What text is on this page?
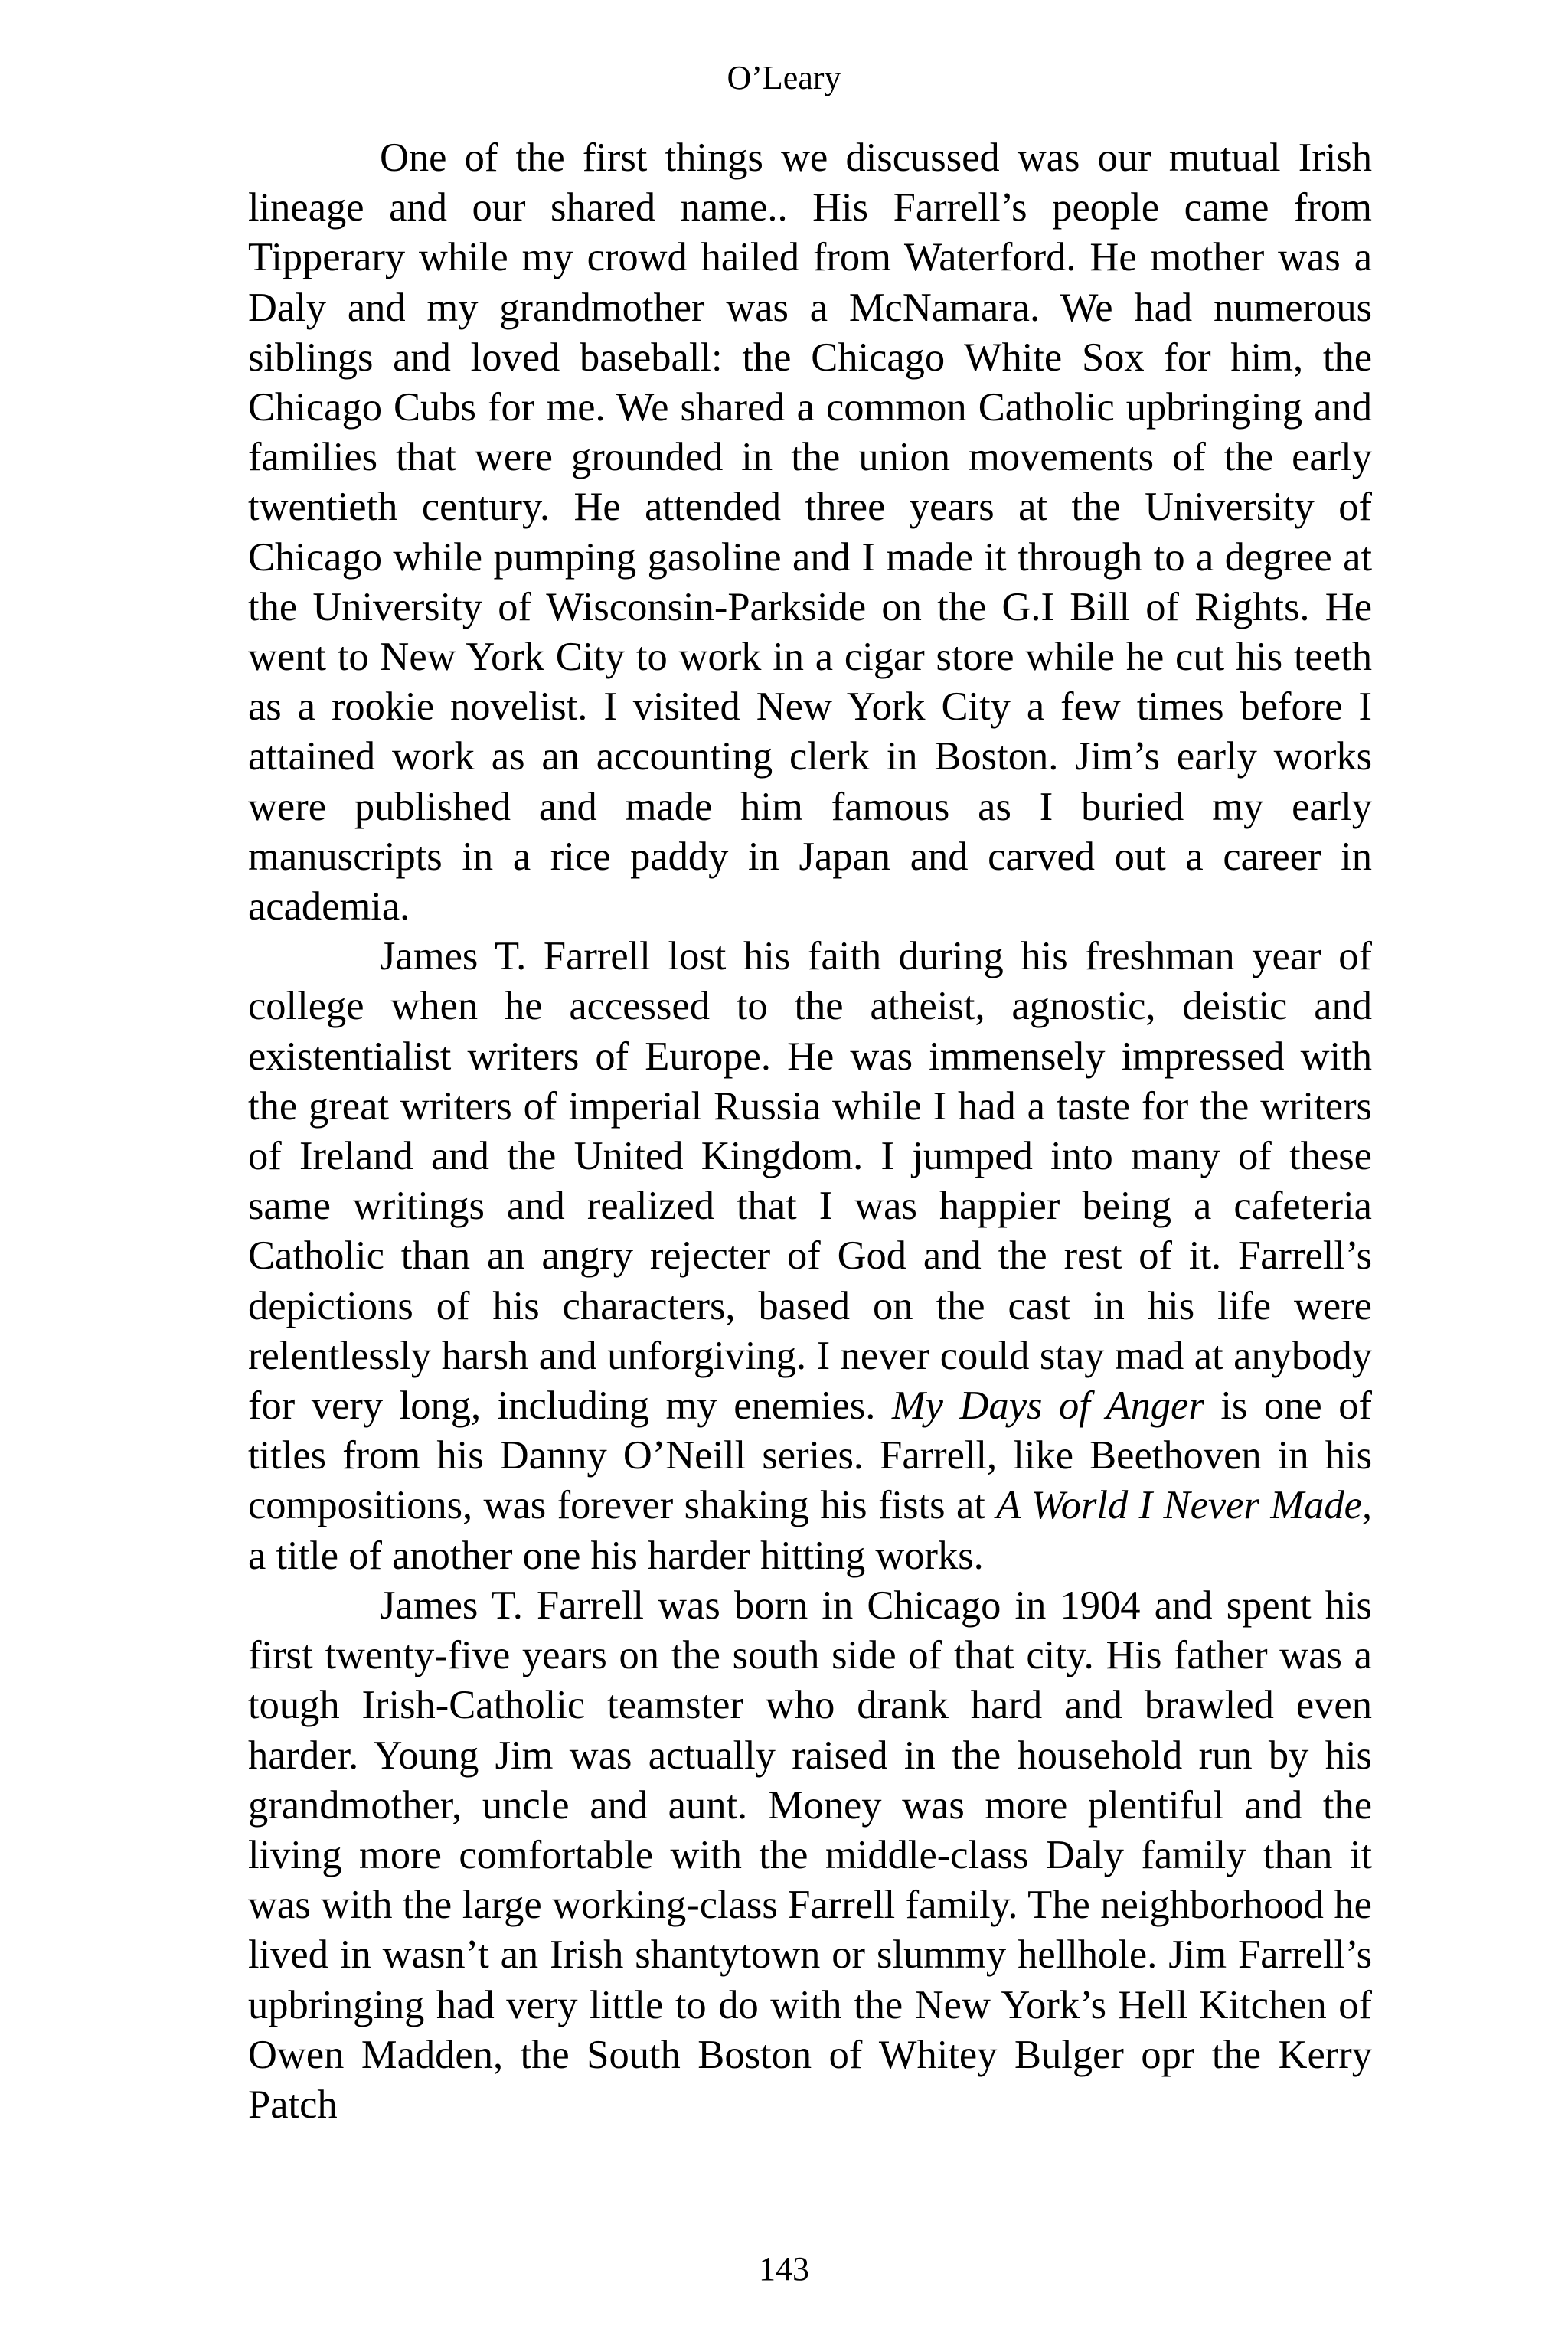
O’Leary

One of the first things we discussed was our mutual Irish lineage and our shared name.. His Farrell’s people came from Tipperary while my crowd hailed from Waterford. He mother was a Daly and my grandmother was a McNamara. We had numerous siblings and loved baseball: the Chicago White Sox for him, the Chicago Cubs for me. We shared a common Catholic upbringing and families that were grounded in the union movements of the early twentieth century. He attended three years at the University of Chicago while pumping gasoline and I made it through to a degree at the University of Wisconsin-Parkside on the G.I Bill of Rights. He went to New York City to work in a cigar store while he cut his teeth as a rookie novelist. I visited New York City a few times before I attained work as an accounting clerk in Boston. Jim’s early works were published and made him famous as I buried my early manuscripts in a rice paddy in Japan and carved out a career in academia.

James T. Farrell lost his faith during his freshman year of college when he accessed to the atheist, agnostic, deistic and existentialist writers of Europe. He was immensely impressed with the great writers of imperial Russia while I had a taste for the writers of Ireland and the United Kingdom. I jumped into many of these same writings and realized that I was happier being a cafeteria Catholic than an angry rejecter of God and the rest of it. Farrell’s depictions of his characters, based on the cast in his life were relentlessly harsh and unforgiving. I never could stay mad at anybody for very long, including my enemies. My Days of Anger is one of titles from his Danny O’Neill series. Farrell, like Beethoven in his compositions, was forever shaking his fists at A World I Never Made, a title of another one his harder hitting works.

James T. Farrell was born in Chicago in 1904 and spent his first twenty-five years on the south side of that city. His father was a tough Irish-Catholic teamster who drank hard and brawled even harder. Young Jim was actually raised in the household run by his grandmother, uncle and aunt. Money was more plentiful and the living more comfortable with the middle-class Daly family than it was with the large working-class Farrell family. The neighborhood he lived in wasn’t an Irish shantytown or slummy hellhole. Jim Farrell’s upbringing had very little to do with the New York’s Hell Kitchen of Owen Madden, the South Boston of Whitey Bulger opr the Kerry Patch

143
